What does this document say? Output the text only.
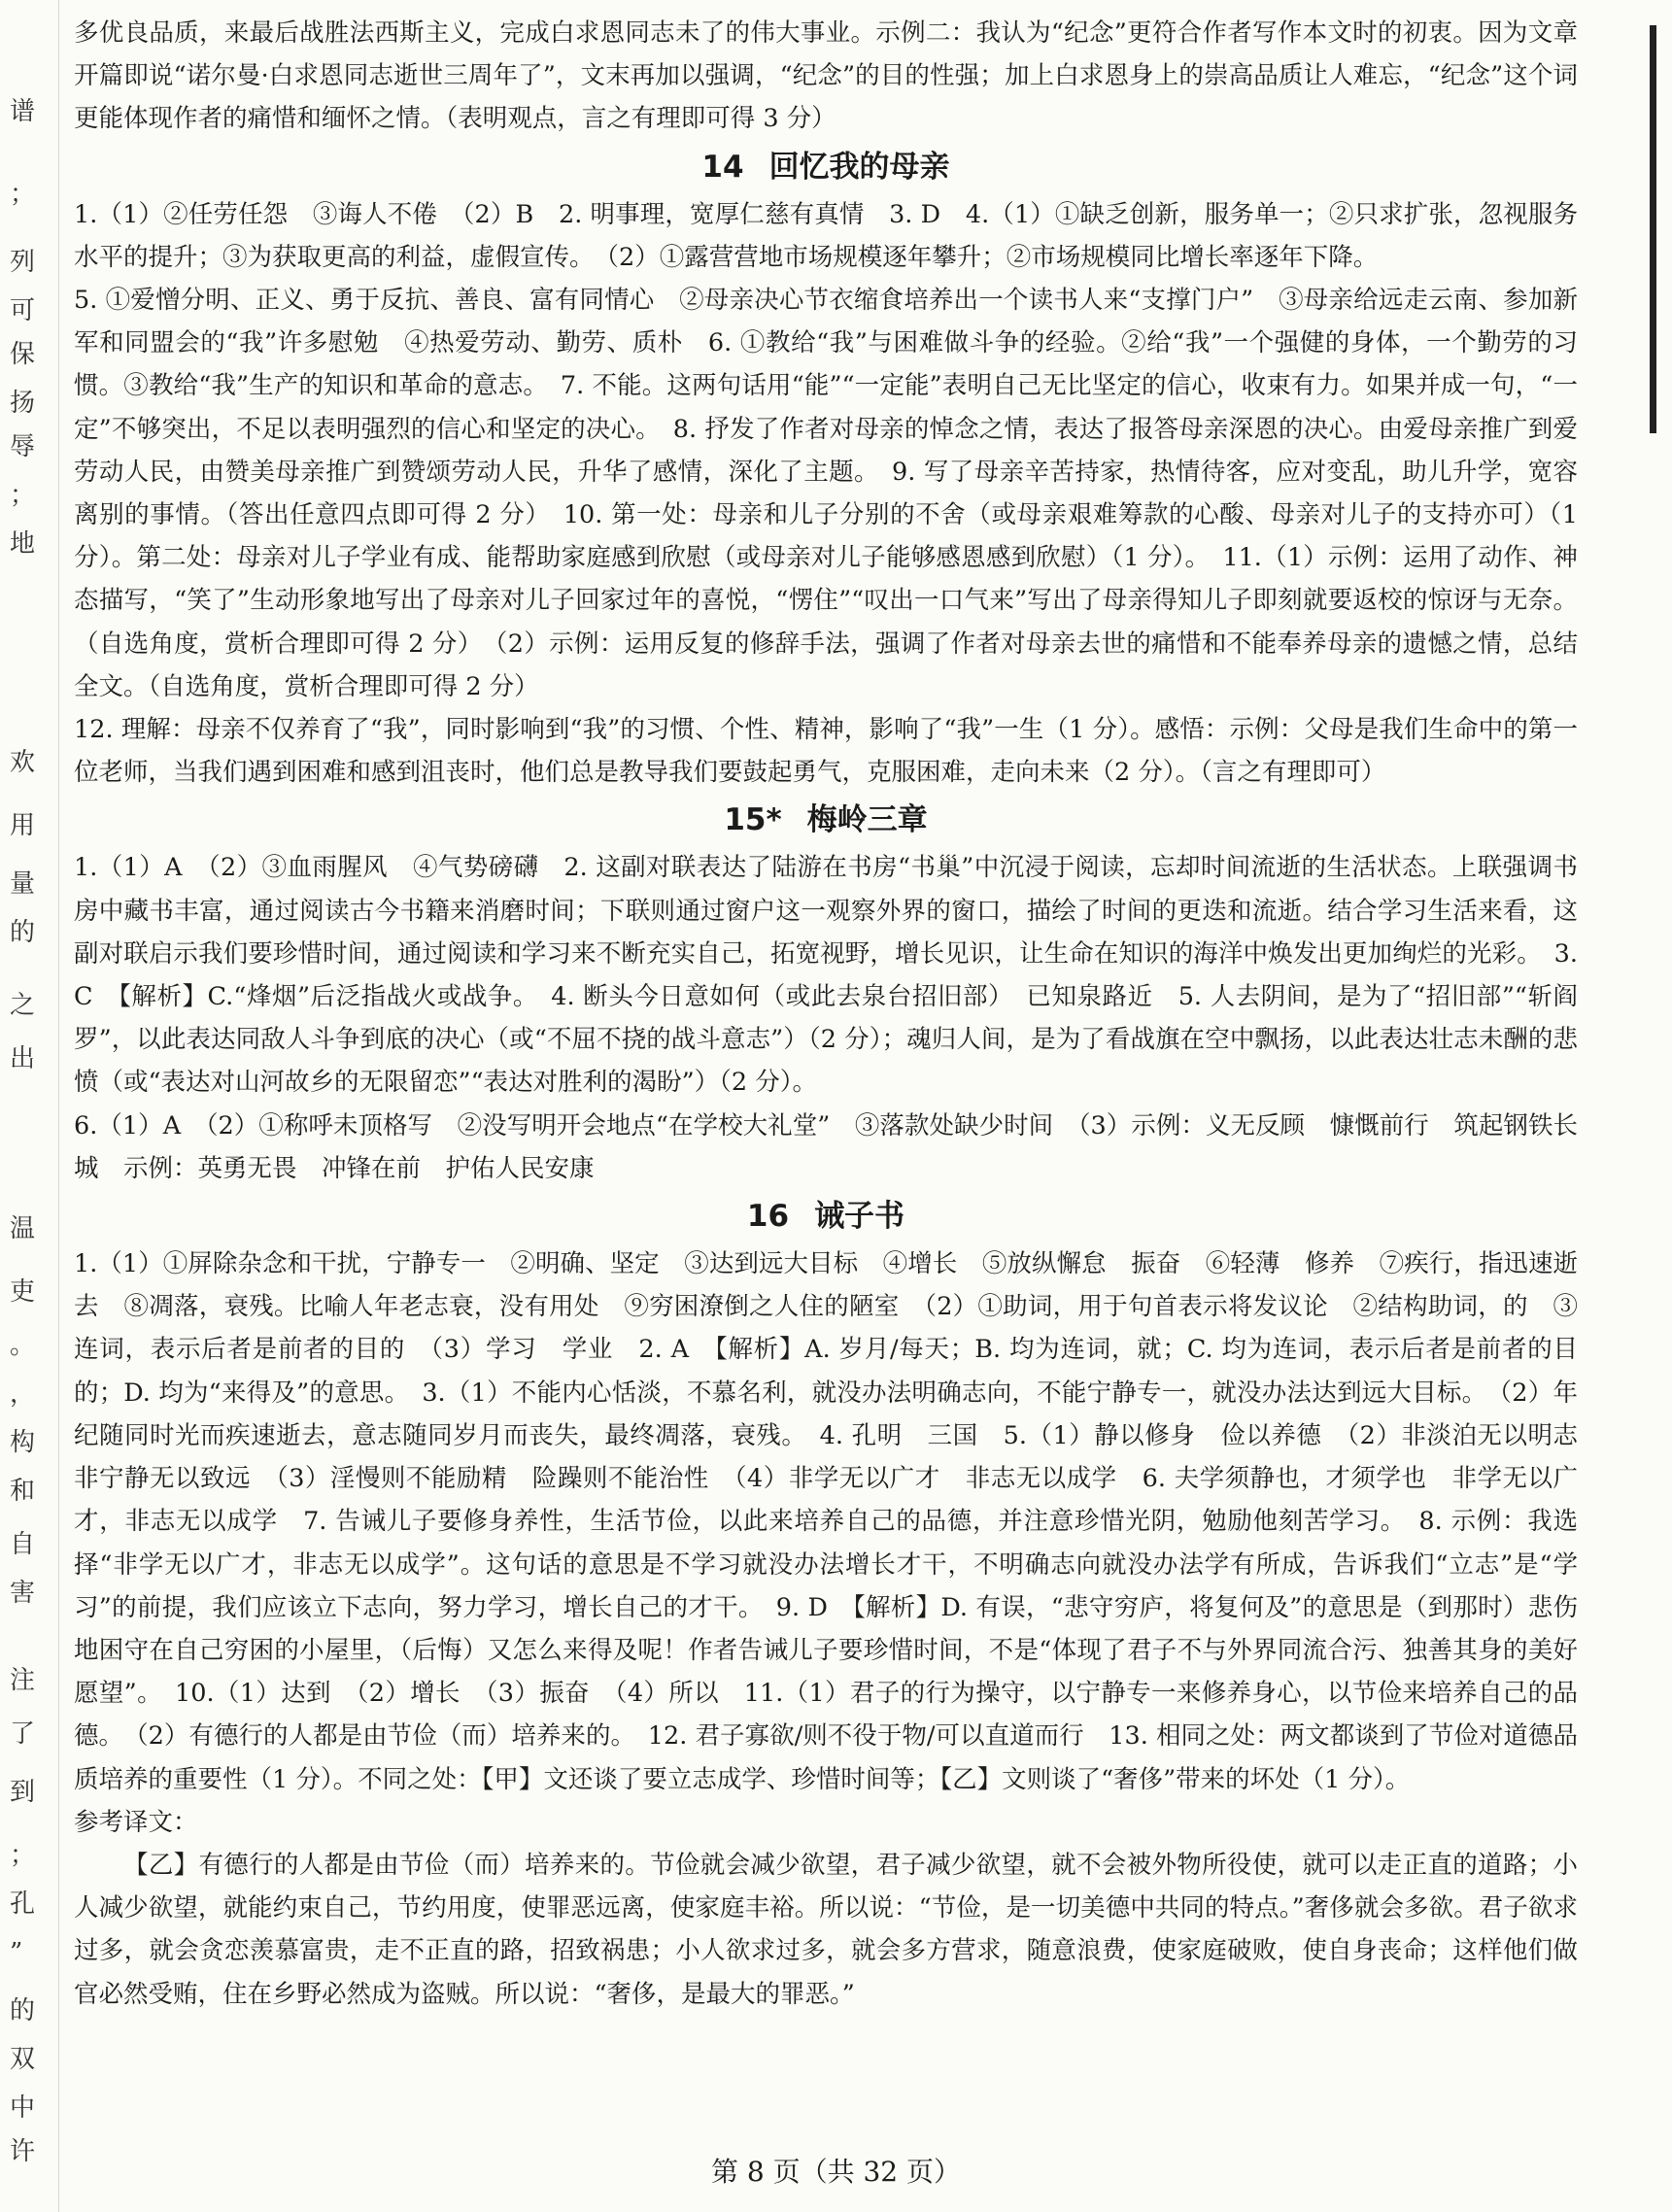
谱
；
列
可
保
扬
辱
；
地
欢
用
量
的
之
出
温
吏
。
，
构
和
自
害
注
了
到
；
孔
”
的
双
中
许

多优良品质，来最后战胜法西斯主义，完成白求恩同志未了的伟大事业。示例二：我认为“纪念”更符合作者写作本文时的初衷。因为文章开篇即说“诺尔曼·白求恩同志逝世三周年了”，文末再加以强调，“纪念”的目的性强；加上白求恩身上的崇高品质让人难忘，“纪念”这个词更能体现作者的痛惜和缅怀之情。（表明观点，言之有理即可得 3 分）

14 回忆我的母亲

1.（1）②任劳任怨　③诲人不倦　（2）B　2. 明事理，宽厚仁慈有真情　3. D　4.（1）①缺乏创新，服务单一；②只求扩张，忽视服务水平的提升；③为获取更高的利益，虚假宣传。　（2）①露营营地市场规模逐年攀升；②市场规模同比增长率逐年下降。

5. ①爱憎分明、正义、勇于反抗、善良、富有同情心　②母亲决心节衣缩食培养出一个读书人来“支撑门户”　③母亲给远走云南、参加新军和同盟会的“我”许多慰勉　④热爱劳动、勤劳、质朴　6. ①教给“我”与困难做斗争的经验。②给“我”一个强健的身体，一个勤劳的习惯。③教给“我”生产的知识和革命的意志。　7. 不能。这两句话用“能”“一定能”表明自己无比坚定的信心，收束有力。如果并成一句，“一定”不够突出，不足以表明强烈的信心和坚定的决心。　8. 抒发了作者对母亲的悼念之情，表达了报答母亲深恩的决心。由爱母亲推广到爱劳动人民，由赞美母亲推广到赞颂劳动人民，升华了感情，深化了主题。　9. 写了母亲辛苦持家，热情待客，应对变乱，助儿升学，宽容离别的事情。（答出任意四点即可得 2 分）　10. 第一处：母亲和儿子分别的不舍（或母亲艰难筹款的心酸、母亲对儿子的支持亦可）（1 分）。第二处：母亲对儿子学业有成、能帮助家庭感到欣慰（或母亲对儿子能够感恩感到欣慰）（1 分）。　11.（1）示例：运用了动作、神态描写，“笑了”生动形象地写出了母亲对儿子回家过年的喜悦，“愣住”“叹出一口气来”写出了母亲得知儿子即刻就要返校的惊讶与无奈。（自选角度，赏析合理即可得 2 分）　（2）示例：运用反复的修辞手法，强调了作者对母亲去世的痛惜和不能奉养母亲的遗憾之情，总结全文。（自选角度，赏析合理即可得 2 分）

12. 理解：母亲不仅养育了“我”，同时影响到“我”的习惯、个性、精神，影响了“我”一生（1 分）。感悟：示例：父母是我们生命中的第一位老师，当我们遇到困难和感到沮丧时，他们总是教导我们要鼓起勇气，克服困难，走向未来（2 分）。（言之有理即可）

15* 梅岭三章

1.（1）A　（2）③血雨腥风　④气势磅礴　2. 这副对联表达了陆游在书房“书巢”中沉浸于阅读，忘却时间流逝的生活状态。上联强调书房中藏书丰富，通过阅读古今书籍来消磨时间；下联则通过窗户这一观察外界的窗口，描绘了时间的更迭和流逝。结合学习生活来看，这副对联启示我们要珍惜时间，通过阅读和学习来不断充实自己，拓宽视野，增长见识，让生命在知识的海洋中焕发出更加绚烂的光彩。　3. C　【解析】C.“烽烟”后泛指战火或战争。　4. 断头今日意如何（或此去泉台招旧部）　已知泉路近　5. 人去阴间，是为了“招旧部”“斩阎罗”，以此表达同敌人斗争到底的决心（或“不屈不挠的战斗意志”）（2 分）；魂归人间，是为了看战旗在空中飘扬，以此表达壮志未酬的悲愤（或“表达对山河故乡的无限留恋”“表达对胜利的渴盼”）（2 分）。

6.（1）A　（2）①称呼未顶格写　②没写明开会地点“在学校大礼堂”　③落款处缺少时间　（3）示例：义无反顾　慷慨前行　筑起钢铁长城　示例：英勇无畏　冲锋在前　护佑人民安康

16 诫子书

1.（1）①屏除杂念和干扰，宁静专一　②明确、坚定　③达到远大目标　④增长　⑤放纵懈怠　振奋　⑥轻薄　修养　⑦疾行，指迅速逝去　⑧凋落，衰残。比喻人年老志衰，没有用处　⑨穷困潦倒之人住的陋室　（2）①助词，用于句首表示将发议论　②结构助词，的　③连词，表示后者是前者的目的　（3）学习　学业　2. A　【解析】A. 岁月/每天；B. 均为连词，就；C. 均为连词，表示后者是前者的目的；D. 均为“来得及”的意思。　3.（1）不能内心恬淡，不慕名利，就没办法明确志向，不能宁静专一，就没办法达到远大目标。　（2）年纪随同时光而疾速逝去，意志随同岁月而丧失，最终凋落，衰残。　4. 孔明　三国　5.（1）静以修身　俭以养德　（2）非淡泊无以明志　非宁静无以致远　（3）淫慢则不能励精　险躁则不能治性　（4）非学无以广才　非志无以成学　6. 夫学须静也，才须学也　非学无以广才，非志无以成学　7. 告诫儿子要修身养性，生活节俭，以此来培养自己的品德，并注意珍惜光阴，勉励他刻苦学习。　8. 示例：我选择“非学无以广才，非志无以成学”。这句话的意思是不学习就没办法增长才干，不明确志向就没办法学有所成，告诉我们“立志”是“学习”的前提，我们应该立下志向，努力学习，增长自己的才干。　9. D　【解析】D. 有误，“悲守穷庐，将复何及”的意思是（到那时）悲伤地困守在自己穷困的小屋里，（后悔）又怎么来得及呢！作者告诫儿子要珍惜时间，不是“体现了君子不与外界同流合污、独善其身的美好愿望”。　10.（1）达到　（2）增长　（3）振奋　（4）所以　11.（1）君子的行为操守，以宁静专一来修养身心，以节俭来培养自己的品德。　（2）有德行的人都是由节俭（而）培养来的。　12. 君子寡欲/则不役于物/可以直道而行　13. 相同之处：两文都谈到了节俭对道德品质培养的重要性（1 分）。不同之处：【甲】文还谈了要立志成学、珍惜时间等；【乙】文则谈了“奢侈”带来的坏处（1 分）。

参考译文：

【乙】有德行的人都是由节俭（而）培养来的。节俭就会减少欲望，君子减少欲望，就不会被外物所役使，就可以走正直的道路；小人减少欲望，就能约束自己，节约用度，使罪恶远离，使家庭丰裕。所以说：“节俭，是一切美德中共同的特点。”奢侈就会多欲。君子欲求过多，就会贪恋羡慕富贵，走不正直的路，招致祸患；小人欲求过多，就会多方营求，随意浪费，使家庭破败，使自身丧命；这样他们做官必然受贿，住在乡野必然成为盗贼。所以说：“奢侈，是最大的罪恶。”

第 8 页（共 32 页）
